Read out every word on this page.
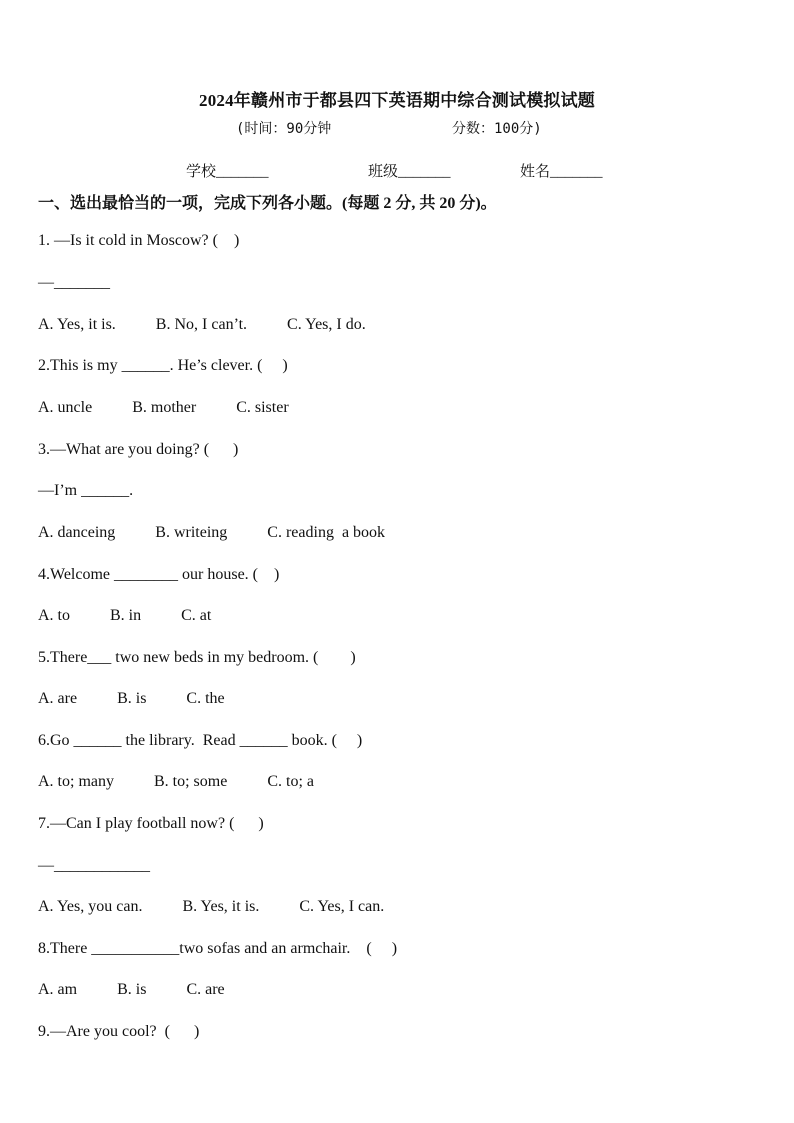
2024年赣州市于都县四下英语期中综合测试模拟试题
(时间：90分钟	分数：100分)
学校_______	班级_______	姓名_______
一、选出最恰当的一项，完成下列各小题。(每题 2 分, 共 20 分)。
1. —Is it cold in Moscow? (    )
—_______
A. Yes, it is.          B. No, I can’t.          C. Yes, I do.
2.This is my ______. He’s clever. (     )
A. uncle          B. mother          C. sister
3.—What are you doing? (      )
—I’m ______.
A. danceing          B. writeing          C. reading  a book
4.Welcome ________ our house. (    )
A. to          B. in          C. at
5.There___ two new beds in my bedroom. (        )
A. are          B. is          C. the
6.Go ______ the library.  Read ______ book. (     )
A. to; many          B. to; some          C. to; a
7.—Can I play football now? (      )
—____________
A. Yes, you can.          B. Yes, it is.          C. Yes, I can.
8.There ___________two sofas and an armchair.    (     )
A. am          B. is          C. are
9.—Are you cool?  (      )
